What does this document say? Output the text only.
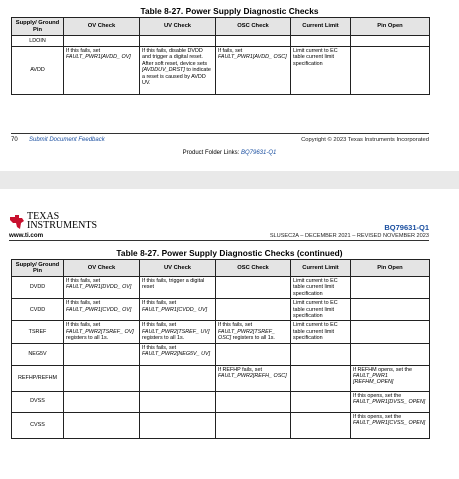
Table 8-27. Power Supply Diagnostic Checks
Supply/ Ground Pin	OV Check	UV Check	OSC Check	Current Limit	Pin Open
LDOIN					
AVDD	If this fails, set FAULT_PWR1[AVDD_ OV]	If this fails, disable DVDD and trigger a digital reset. After soft reset, device sets [AVDDUV_DRST] to indicate a reset is caused by AVDD UV.	If fails, set FAULT_PWR1[AVDD_ OSC]	Limit current to EC table current limit specification	
70 Submit Document Feedback	Copyright © 2023 Texas Instruments Incorporated
Product Folder Links: BQ79631-Q1
TEXAS
INSTRUMENTS
www.ti.com
BQ79631-Q1
SLUSEC2A – DECEMBER 2021 – REVISED NOVEMBER 2023
Table 8-27. Power Supply Diagnostic Checks (continued)
Supply/ Ground Pin	OV Check	UV Check	OSC Check	Current Limit	Pin Open
DVDD	If this fails, set FAULT_PWR1[DVDD_ OV]	If this fails, trigger a digital reset		Limit current to EC table current limit specification	
CVDD	If this fails, set FAULT_PWR1[CVDD_ OV]	If this fails, set FAULT_PWR1[CVDD_ UV]		Limit current to EC table current limit specification	
TSREF	If this fails, set FAULT_PWR2[TSREF_ OV] registers to all 1s.	If this fails, set FAULT_PWR2[TSREF_ UV] registers to all 1s.	If this fails, set FAULT_PWR2[TSREF_ OSC] registers to all 1s.	Limit current to EC table current limit specification	
NEG5V		If this fails, set FAULT_PWR2[NEG5V_ UV]			
REFHP/REFHM			If REFHP fails, set FAULT_PWR2[REFH_ OSC]		If REFHM opens, set the FAULT_PWR1 [REFHM_OPEN]
DVSS					If this opens, set the FAULT_PWR1[DVSS_ OPEN]
CVSS					If this opens, set the FAULT_PWR1[CVSS_ OPEN]
